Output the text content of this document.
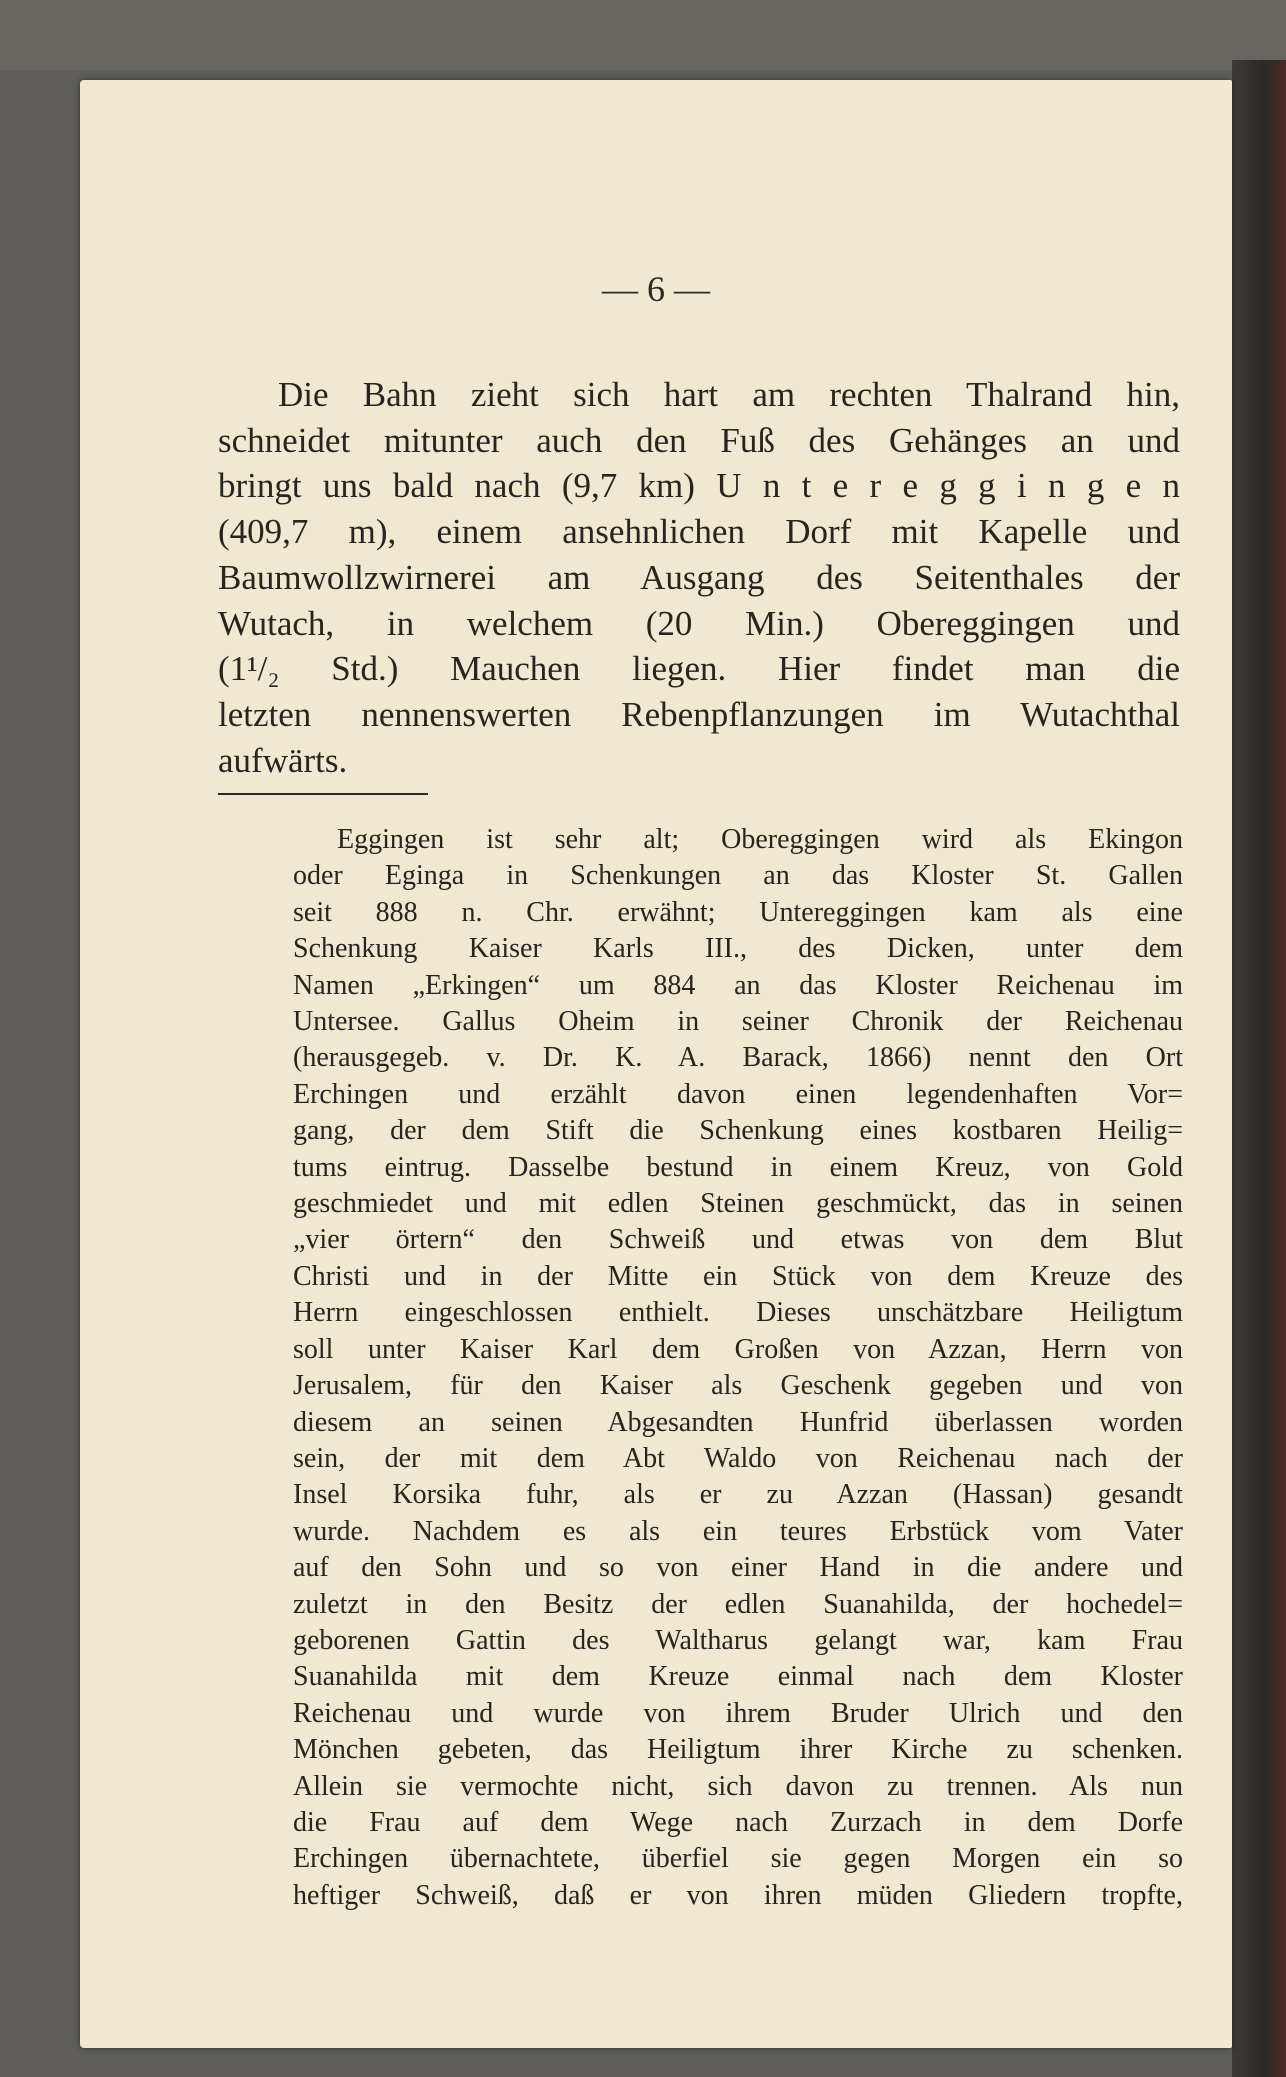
— 6 —
Die Bahn zieht sich hart am rechten Thalrand hin,
schneidet mitunter auch den Fuß des Gehänges an und
bringt uns bald nach (9,7 km) U n t e r e g g i n g e n
(409,7 m), einem ansehnlichen Dorf mit Kapelle und
Baumwollzwirnerei am Ausgang des Seitenthales der
Wutach, in welchem (20 Min.) Obereggingen und
(1¹/₂ Std.) Mauchen liegen. Hier findet man die
letzten nennenswerten Rebenpflanzungen im Wutachthal
aufwärts.
Eggingen ist sehr alt; Obereggingen wird als Ekingon
oder Eginga in Schenkungen an das Kloster St. Gallen
seit 888 n. Chr. erwähnt; Untereggingen kam als eine
Schenkung Kaiser Karls III., des Dicken, unter dem
Namen „Erkingen“ um 884 an das Kloster Reichenau im
Untersee. Gallus Oheim in seiner Chronik der Reichenau
(herausgegeb. v. Dr. K. A. Barack, 1866) nennt den Ort
Erchingen und erzählt davon einen legendenhaften Vor=
gang, der dem Stift die Schenkung eines kostbaren Heilig=
tums eintrug. Dasselbe bestund in einem Kreuz, von Gold
geschmiedet und mit edlen Steinen geschmückt, das in seinen
„vier örtern“ den Schweiß und etwas von dem Blut
Christi und in der Mitte ein Stück von dem Kreuze des
Herrn eingeschlossen enthielt. Dieses unschätzbare Heiligtum
soll unter Kaiser Karl dem Großen von Azzan, Herrn von
Jerusalem, für den Kaiser als Geschenk gegeben und von
diesem an seinen Abgesandten Hunfrid überlassen worden
sein, der mit dem Abt Waldo von Reichenau nach der
Insel Korsika fuhr, als er zu Azzan (Hassan) gesandt
wurde. Nachdem es als ein teures Erbstück vom Vater
auf den Sohn und so von einer Hand in die andere und
zuletzt in den Besitz der edlen Suanahilda, der hochedel=
geborenen Gattin des Waltharus gelangt war, kam Frau
Suanahilda mit dem Kreuze einmal nach dem Kloster
Reichenau und wurde von ihrem Bruder Ulrich und den
Mönchen gebeten, das Heiligtum ihrer Kirche zu schenken.
Allein sie vermochte nicht, sich davon zu trennen. Als nun
die Frau auf dem Wege nach Zurzach in dem Dorfe
Erchingen übernachtete, überfiel sie gegen Morgen ein so
heftiger Schweiß, daß er von ihren müden Gliedern tropfte,
